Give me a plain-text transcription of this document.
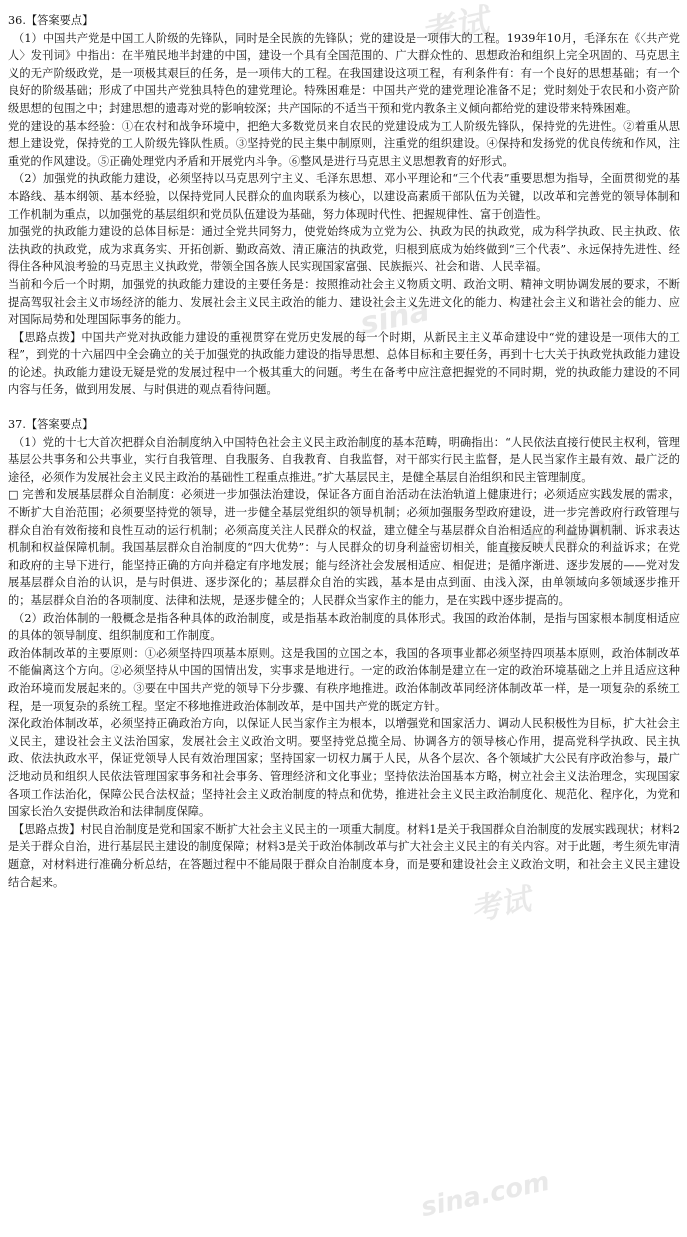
考试
sina
edu.sina
考试
sina.com

36.【答案要点】

（1）中国共产党是中国工人阶级的先锋队，同时是全民族的先锋队；党的建设是一项伟大的工程。1939年10月，毛泽东在《〈共产党人〉发刊词》中指出：在半殖民地半封建的中国，建设一个具有全国范围的、广大群众性的、思想政治和组织上完全巩固的、马克思主义的无产阶级政党，是一项极其艰巨的任务，是一项伟大的工程。在我国建设这项工程，有利条件有：有一个良好的思想基础；有一个良好的阶级基础；形成了中国共产党独具特色的建党理论。特殊困难是：中国共产党的建党理论准备不足；党时刻处于农民和小资产阶级思想的包围之中；封建思想的遗毒对党的影响较深；共产国际的不适当干预和党内教条主义倾向都给党的建设带来特殊困难。

党的建设的基本经验：①在农村和战争环境中，把绝大多数党员来自农民的党建设成为工人阶级先锋队，保持党的先进性。②着重从思想上建设党，保持党的工人阶级先锋队性质。③坚持党的民主集中制原则，注重党的组织建设。④保持和发扬党的优良传统和作风，注重党的作风建设。⑤正确处理党内矛盾和开展党内斗争。⑥整风是进行马克思主义思想教育的好形式。

（2）加强党的执政能力建设，必须坚持以马克思列宁主义、毛泽东思想、邓小平理论和“三个代表”重要思想为指导，全面贯彻党的基本路线、基本纲领、基本经验，以保持党同人民群众的血肉联系为核心，以建设高素质干部队伍为关键，以改革和完善党的领导体制和工作机制为重点，以加强党的基层组织和党员队伍建设为基础，努力体现时代性、把握规律性、富于创造性。

加强党的执政能力建设的总体目标是：通过全党共同努力，使党始终成为立党为公、执政为民的执政党，成为科学执政、民主执政、依法执政的执政党，成为求真务实、开拓创新、勤政高效、清正廉洁的执政党，归根到底成为始终做到“三个代表”、永远保持先进性、经得住各种风浪考验的马克思主义执政党，带领全国各族人民实现国家富强、民族振兴、社会和谐、人民幸福。

当前和今后一个时期，加强党的执政能力建设的主要任务是：按照推动社会主义物质文明、政治文明、精神文明协调发展的要求，不断提高驾驭社会主义市场经济的能力、发展社会主义民主政治的能力、建设社会主义先进文化的能力、构建社会主义和谐社会的能力、应对国际局势和处理国际事务的能力。

【思路点拨】中国共产党对执政能力建设的重视贯穿在党历史发展的每一个时期，从新民主主义革命建设中“党的建设是一项伟大的工程”，到党的十六届四中全会确立的关于加强党的执政能力建设的指导思想、总体目标和主要任务，再到十七大关于执政党执政能力建设的论述。执政能力建设无疑是党的发展过程中一个极其重大的问题。考生在备考中应注意把握党的不同时期，党的执政能力建设的不同内容与任务，做到用发展、与时俱进的观点看待问题。

37.【答案要点】

（1）党的十七大首次把群众自治制度纳入中国特色社会主义民主政治制度的基本范畴，明确指出：“人民依法直接行使民主权利，管理基层公共事务和公共事业，实行自我管理、自我服务、自我教育、自我监督，对干部实行民主监督，是人民当家作主最有效、最广泛的途径，必须作为发展社会主义民主政治的基础性工程重点推进。”扩大基层民主，是健全基层自治组织和民主管理制度。

□ 完善和发展基层群众自治制度：必须进一步加强法治建设，保证各方面自治活动在法治轨道上健康进行；必须适应实践发展的需求，不断扩大自治范围；必须要坚持党的领导，进一步健全基层党组织的领导机制；必须加强服务型政府建设，进一步完善政府行政管理与群众自治有效衔接和良性互动的运行机制；必须高度关注人民群众的权益，建立健全与基层群众自治相适应的利益协调机制、诉求表达机制和权益保障机制。我国基层群众自治制度的“四大优势”：与人民群众的切身利益密切相关，能直接反映人民群众的利益诉求；在党和政府的主导下进行，能坚持正确的方向并稳定有序地发展；能与经济社会发展相适应、相促进；是循序渐进、逐步发展的——党对发展基层群众自治的认识，是与时俱进、逐步深化的；基层群众自治的实践，基本是由点到面、由浅入深，由单领域向多领域逐步推开的；基层群众自治的各项制度、法律和法规，是逐步健全的；人民群众当家作主的能力，是在实践中逐步提高的。

（2）政治体制的一般概念是指各种具体的政治制度，或是指基本政治制度的具体形式。我国的政治体制，是指与国家根本制度相适应的具体的领导制度、组织制度和工作制度。

政治体制改革的主要原则：①必须坚持四项基本原则。这是我国的立国之本，我国的各项事业都必须坚持四项基本原则，政治体制改革不能偏离这个方向。②必须坚持从中国的国情出发，实事求是地进行。一定的政治体制是建立在一定的政治环境基础之上并且适应这种政治环境而发展起来的。③要在中国共产党的领导下分步骤、有秩序地推进。政治体制改革同经济体制改革一样，是一项复杂的系统工程，是一项复杂的系统工程。坚定不移地推进政治体制改革，是中国共产党的既定方针。

深化政治体制改革，必须坚持正确政治方向，以保证人民当家作主为根本，以增强党和国家活力、调动人民积极性为目标，扩大社会主义民主，建设社会主义法治国家，发展社会主义政治文明。要坚持党总揽全局、协调各方的领导核心作用，提高党科学执政、民主执政、依法执政水平，保证党领导人民有效治理国家；坚持国家一切权力属于人民，从各个层次、各个领域扩大公民有序政治参与，最广泛地动员和组织人民依法管理国家事务和社会事务、管理经济和文化事业；坚持依法治国基本方略，树立社会主义法治理念，实现国家各项工作法治化，保障公民合法权益；坚持社会主义政治制度的特点和优势，推进社会主义民主政治制度化、规范化、程序化，为党和国家长治久安提供政治和法律制度保障。

【思路点拨】村民自治制度是党和国家不断扩大社会主义民主的一项重大制度。材料1是关于我国群众自治制度的发展实践现状；材料2是关于群众自治，进行基层民主建设的制度保障；材料3是关于政治体制改革与扩大社会主义民主的有关内容。对于此题，考生须先审清题意，对材料进行准确分析总结，在答题过程中不能局限于群众自治制度本身，而是要和建设社会主义政治文明，和社会主义民主建设结合起来。
